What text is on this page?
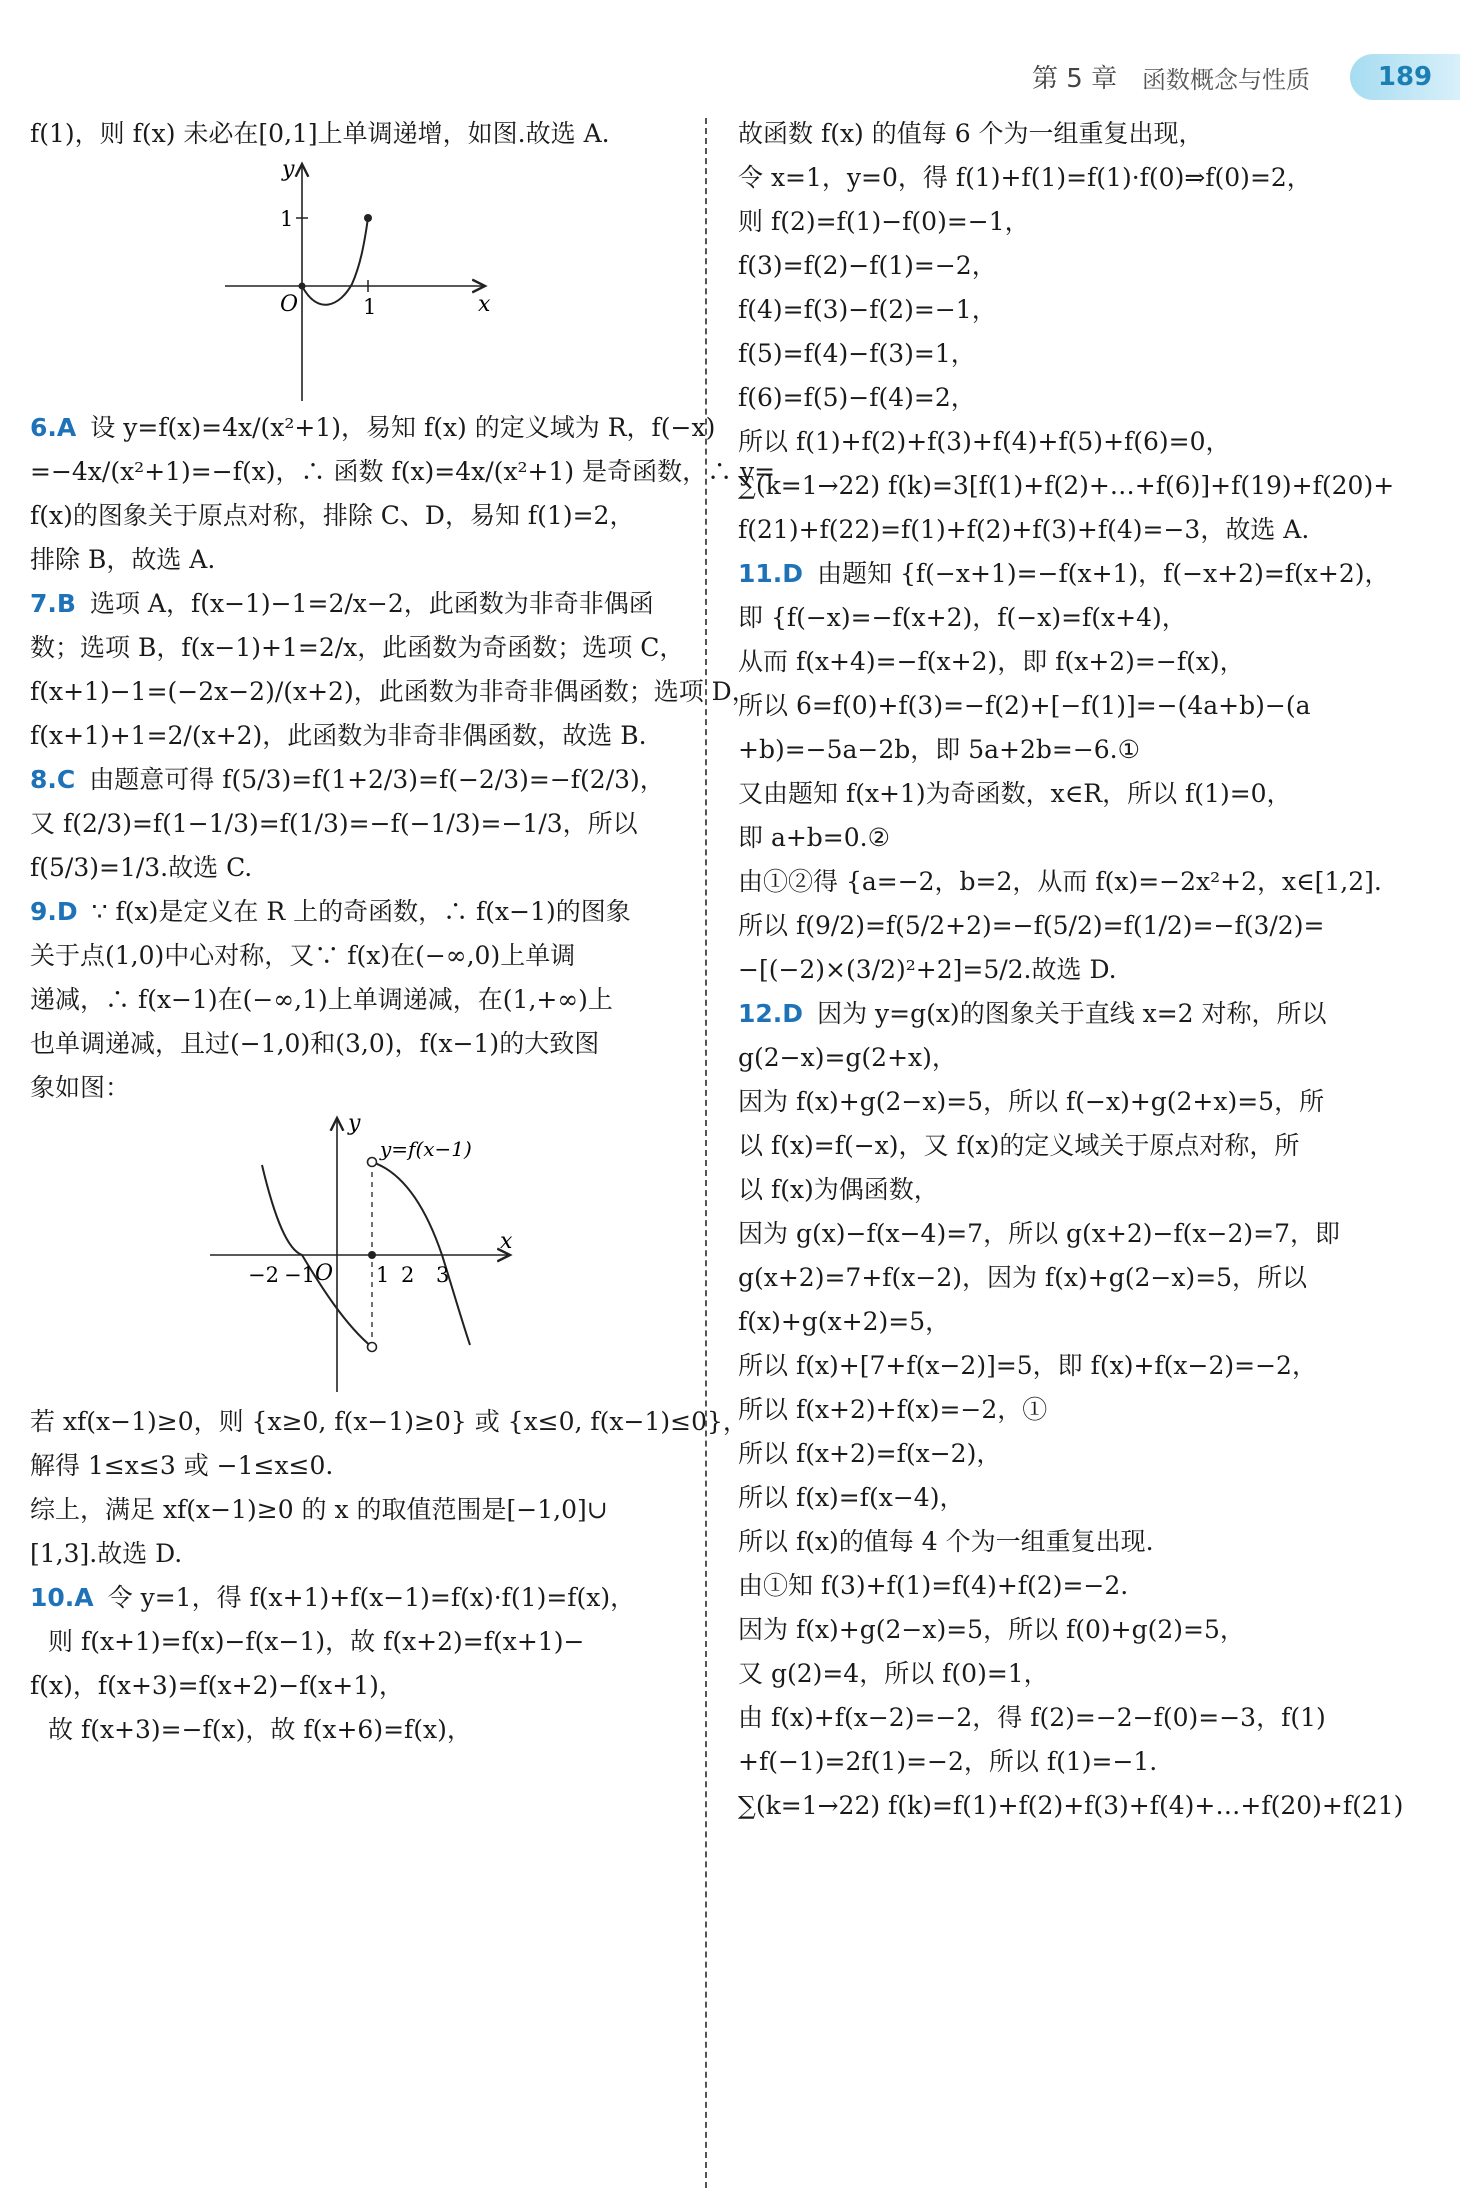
第 5 章 函数概念与性质	189
f(1)，则 f(x) 未必在[0,1]上单调递增，如图.故选 A.
y
x
O	1
1
6.A 设 y=f(x)=4x/(x²+1)，易知 f(x) 的定义域为 R，f(−x)
=−4x/(x²+1)=−f(x)，∴ 函数 f(x)=4x/(x²+1) 是奇函数，∴ y=
f(x)的图象关于原点对称，排除 C、D，易知 f(1)=2，
排除 B，故选 A.
7.B 选项 A，f(x−1)−1=2/x−2，此函数为非奇非偶函
数；选项 B，f(x−1)+1=2/x，此函数为奇函数；选项 C，
f(x+1)−1=(−2x−2)/(x+2)，此函数为非奇非偶函数；选项 D，
f(x+1)+1=2/(x+2)，此函数为非奇非偶函数，故选 B.
8.C 由题意可得 f(5/3)=f(1+2/3)=f(−2/3)=−f(2/3)，
又 f(2/3)=f(1−1/3)=f(1/3)=−f(−1/3)=−1/3，所以
f(5/3)=1/3.故选 C.
9.D ∵ f(x)是定义在 R 上的奇函数，∴ f(x−1)的图象
关于点(1,0)中心对称，又∵ f(x)在(−∞,0)上单调
递减，∴ f(x−1)在(−∞,1)上单调递减，在(1,+∞)上
也单调递减，且过(−1,0)和(3,0)，f(x−1)的大致图
象如图：
y=f(x−1)
y
x
O
−2 −1	1 2 3
若 xf(x−1)≥0，则 {x≥0, f(x−1)≥0} 或 {x≤0, f(x−1)≤0}，
解得 1≤x≤3 或 −1≤x≤0.
综上，满足 xf(x−1)≥0 的 x 的取值范围是[−1,0]∪
[1,3].故选 D.
10.A 令 y=1，得 f(x+1)+f(x−1)=f(x)·f(1)=f(x)，
则 f(x+1)=f(x)−f(x−1)，故 f(x+2)=f(x+1)−
f(x)，f(x+3)=f(x+2)−f(x+1)，
故 f(x+3)=−f(x)，故 f(x+6)=f(x)，
故函数 f(x) 的值每 6 个为一组重复出现，
令 x=1，y=0，得 f(1)+f(1)=f(1)·f(0)⇒f(0)=2，
则 f(2)=f(1)−f(0)=−1，
f(3)=f(2)−f(1)=−2，
f(4)=f(3)−f(2)=−1，
f(5)=f(4)−f(3)=1，
f(6)=f(5)−f(4)=2，
所以 f(1)+f(2)+f(3)+f(4)+f(5)+f(6)=0，
∑(k=1→22) f(k)=3[f(1)+f(2)+…+f(6)]+f(19)+f(20)+
f(21)+f(22)=f(1)+f(2)+f(3)+f(4)=−3，故选 A.
11.D 由题知 {f(−x+1)=−f(x+1)，f(−x+2)=f(x+2)，
即 {f(−x)=−f(x+2)，f(−x)=f(x+4)，
从而 f(x+4)=−f(x+2)，即 f(x+2)=−f(x)，
所以 6=f(0)+f(3)=−f(2)+[−f(1)]=−(4a+b)−(a
+b)=−5a−2b，即 5a+2b=−6.①
又由题知 f(x+1)为奇函数，x∈R，所以 f(1)=0，
即 a+b=0.②
由①②得 {a=−2，b=2，从而 f(x)=−2x²+2，x∈[1,2].
所以 f(9/2)=f(5/2+2)=−f(5/2)=f(1/2)=−f(3/2)=
−[(−2)×(3/2)²+2]=5/2.故选 D.
12.D 因为 y=g(x)的图象关于直线 x=2 对称，所以
g(2−x)=g(2+x)，
因为 f(x)+g(2−x)=5，所以 f(−x)+g(2+x)=5，所
以 f(x)=f(−x)，又 f(x)的定义域关于原点对称，所
以 f(x)为偶函数，
因为 g(x)−f(x−4)=7，所以 g(x+2)−f(x−2)=7，即
g(x+2)=7+f(x−2)，因为 f(x)+g(2−x)=5，所以
f(x)+g(x+2)=5，
所以 f(x)+[7+f(x−2)]=5，即 f(x)+f(x−2)=−2，
所以 f(x+2)+f(x)=−2，①
所以 f(x+2)=f(x−2)，
所以 f(x)=f(x−4)，
所以 f(x)的值每 4 个为一组重复出现.
由①知 f(3)+f(1)=f(4)+f(2)=−2.
因为 f(x)+g(2−x)=5，所以 f(0)+g(2)=5，
又 g(2)=4，所以 f(0)=1，
由 f(x)+f(x−2)=−2，得 f(2)=−2−f(0)=−3，f(1)
+f(−1)=2f(1)=−2，所以 f(1)=−1.
∑(k=1→22) f(k)=f(1)+f(2)+f(3)+f(4)+…+f(20)+f(21)
